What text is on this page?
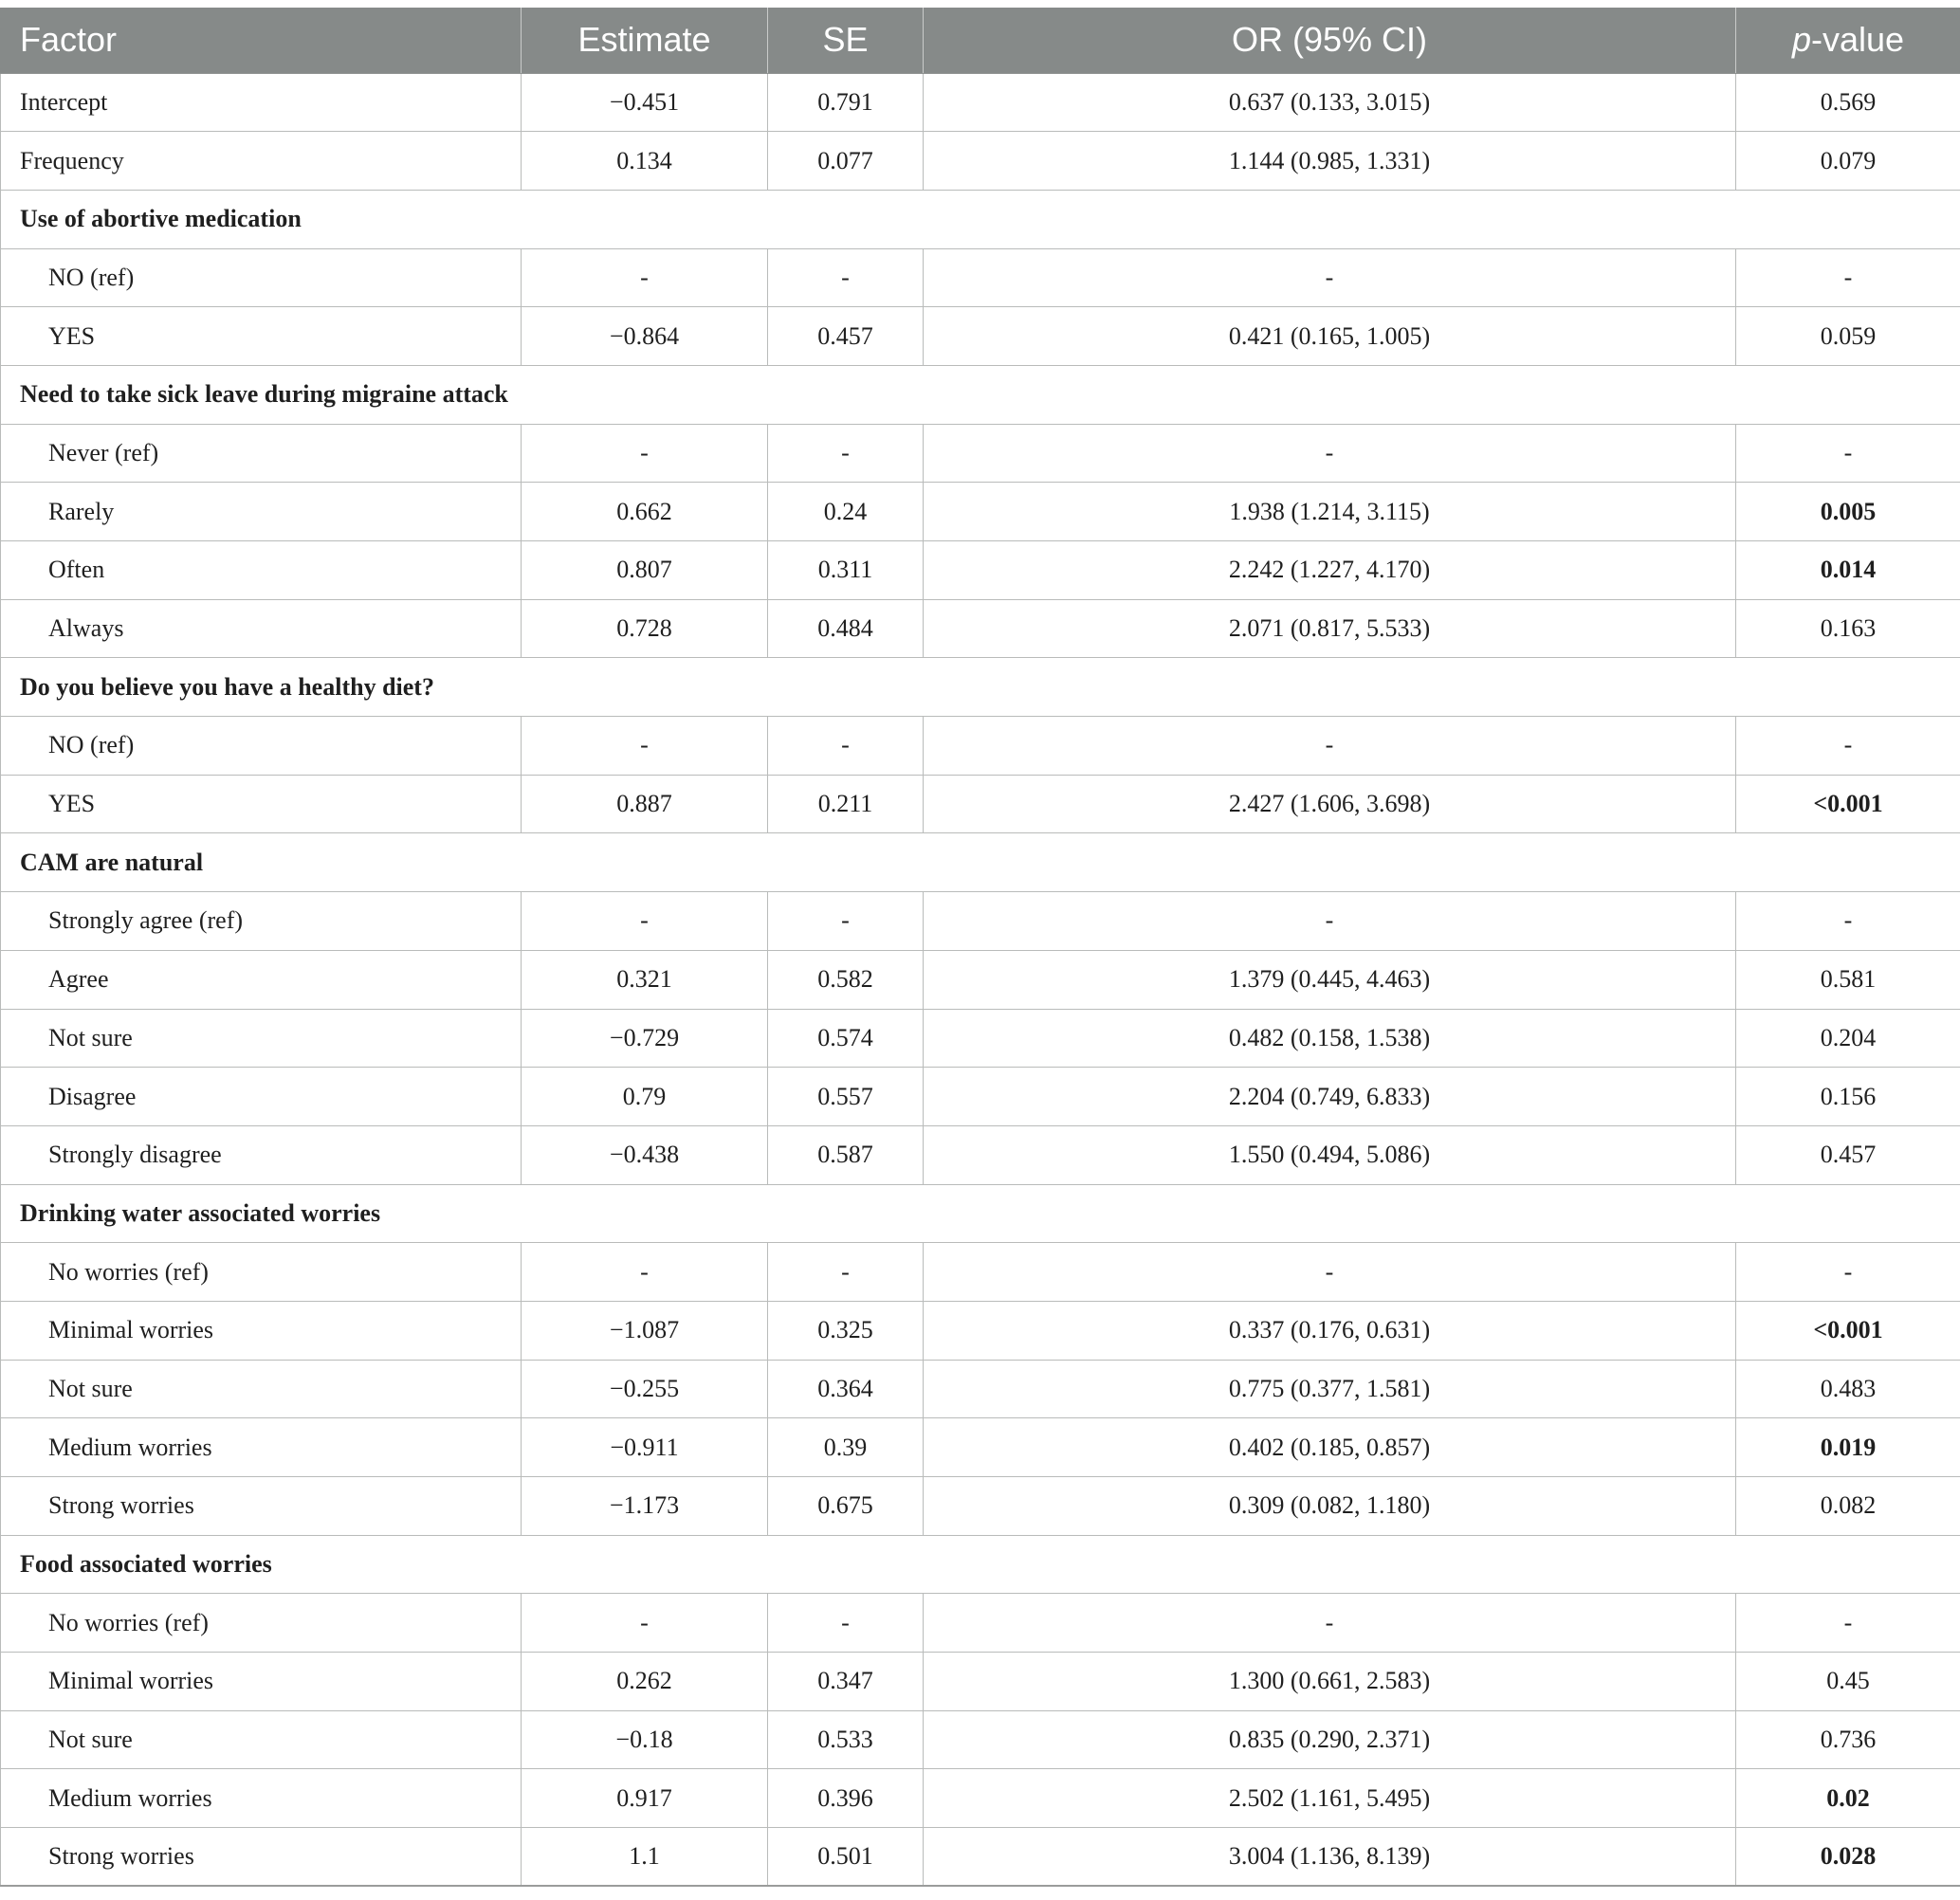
Factor	Estimate	SE	OR (95% CI)	p-value
Intercept	−0.451	0.791	0.637 (0.133, 3.015)	0.569
Frequency	0.134	0.077	1.144 (0.985, 1.331)	0.079
Use of abortive medication				
NO (ref)	-	-	-	-
YES	−0.864	0.457	0.421 (0.165, 1.005)	0.059
Need to take sick leave during migraine attack				
Never (ref)	-	-	-	-
Rarely	0.662	0.24	1.938 (1.214, 3.115)	0.005
Often	0.807	0.311	2.242 (1.227, 4.170)	0.014
Always	0.728	0.484	2.071 (0.817, 5.533)	0.163
Do you believe you have a healthy diet?				
NO (ref)	-	-	-	-
YES	0.887	0.211	2.427 (1.606, 3.698)	<0.001
CAM are natural				
Strongly agree (ref)	-	-	-	-
Agree	0.321	0.582	1.379 (0.445, 4.463)	0.581
Not sure	−0.729	0.574	0.482 (0.158, 1.538)	0.204
Disagree	0.79	0.557	2.204 (0.749, 6.833)	0.156
Strongly disagree	−0.438	0.587	1.550 (0.494, 5.086)	0.457
Drinking water associated worries				
No worries (ref)	-	-	-	-
Minimal worries	−1.087	0.325	0.337 (0.176, 0.631)	<0.001
Not sure	−0.255	0.364	0.775 (0.377, 1.581)	0.483
Medium worries	−0.911	0.39	0.402 (0.185, 0.857)	0.019
Strong worries	−1.173	0.675	0.309 (0.082, 1.180)	0.082
Food associated worries				
No worries (ref)	-	-	-	-
Minimal worries	0.262	0.347	1.300 (0.661, 2.583)	0.45
Not sure	−0.18	0.533	0.835 (0.290, 2.371)	0.736
Medium worries	0.917	0.396	2.502 (1.161, 5.495)	0.02
Strong worries	1.1	0.501	3.004 (1.136, 8.139)	0.028
